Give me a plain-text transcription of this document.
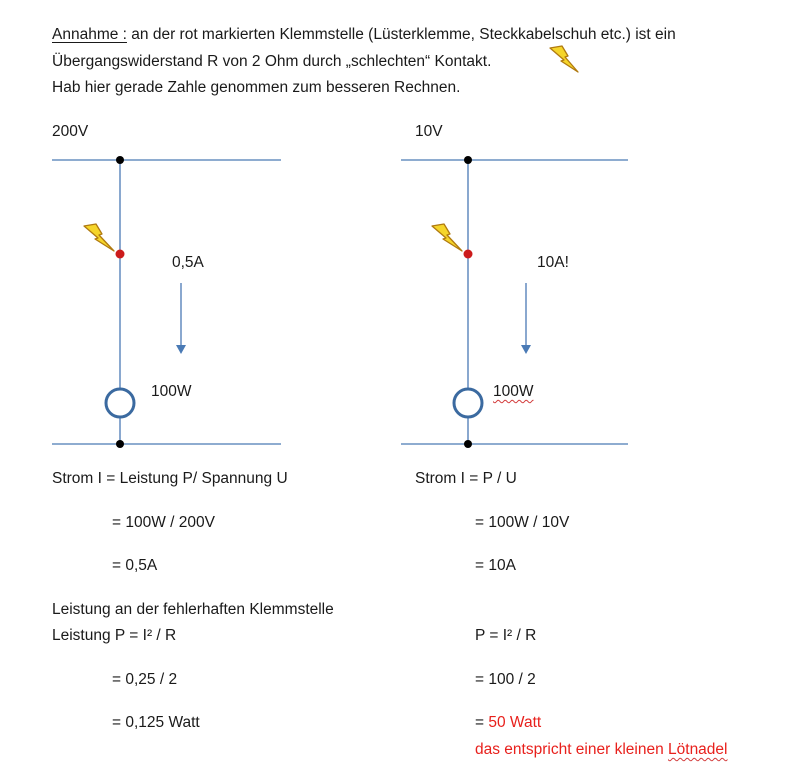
Annahme : an der rot markierten Klemmstelle (Lüsterklemme, Steckkabelschuh etc.) ist ein
Übergangswiderstand R von 2 Ohm durch „schlechten“ Kontakt.
Hab hier gerade Zahle genommen zum besseren Rechnen.
200V
0,5A
100W
10V
10A!
100W
Strom I = Leistung P/ Spannung U
= 100W / 200V
= 0,5A
Leistung an der fehlerhaften Klemmstelle
Leistung P = I² / R
= 0,25 / 2
= 0,125 Watt
Strom I = P / U
= 100W / 10V
= 10A
P = I² / R
= 100 / 2
= 50 Watt
das entspricht einer kleinen Lötnadel
